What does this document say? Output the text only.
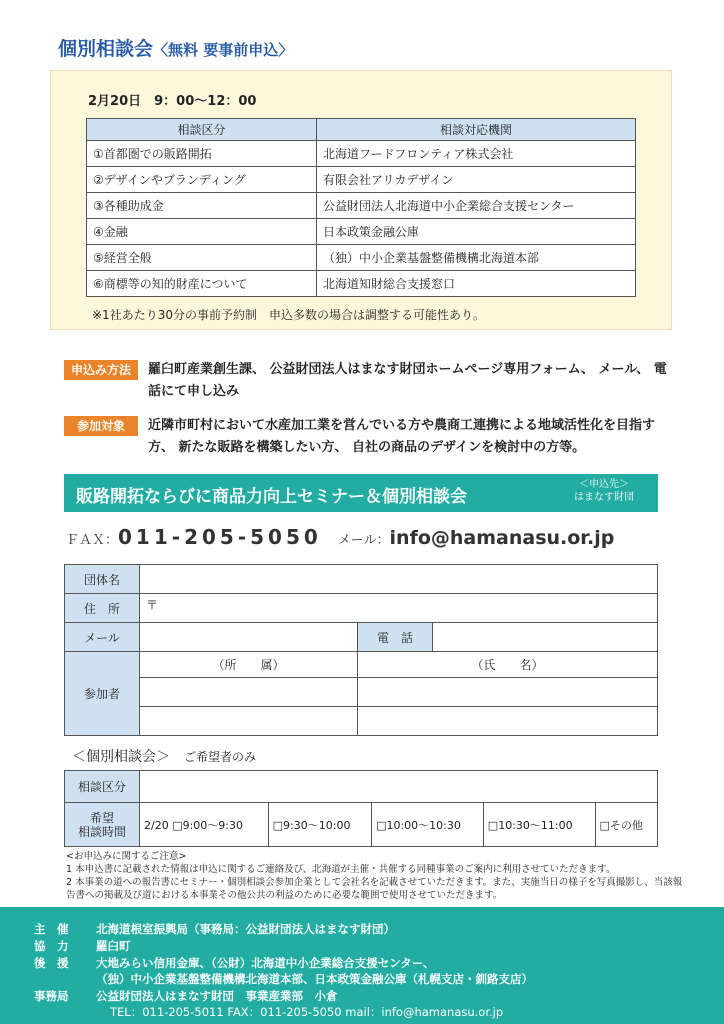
個別相談会〈無料 要事前申込〉
2月20日　9：00～12：00
相談区分	相談対応機関
①首都圏での販路開拓	北海道フードフロンティア株式会社
②デザインやブランディング	有限会社アリカデザイン
③各種助成金	公益財団法人北海道中小企業総合支援センター
④金融	日本政策金融公庫
⑤経営全般	（独）中小企業基盤整備機構北海道本部
⑥商標等の知的財産について	北海道知財総合支援窓口
※1社あたり30分の事前予約制　申込多数の場合は調整する可能性あり。
申込み方法	羅臼町産業創生課、 公益財団法人はまなす財団ホームページ専用フォーム、 メール、 電話にて申し込み
参加対象	近隣市町村において水産加工業を営んでいる方や農商工連携による地域活性化を目指す方、 新たな販路を構築したい方、 自社の商品のデザインを検討中の方等。
販路開拓ならびに商品力向上セミナー＆個別相談会
＜申込先＞
はまなす財団
ＦＡＸ：011-205-5050 メール：info@hamanasu.or.jp
団体名			
住　所	〒		
メール		電　話	
参加者	（所　　属）	（氏　　名）	

＜個別相談会＞ ご希望者のみ
相談区分					

希望
相談時間	2/20 □9:00～9:30	□9:30～10:00	□10:00～10:30	□10:30～11:00	□その他
<お申込みに関するご注意>
1 本申込書に記載された情報は申込に関するご連絡及び、北海道が主催・共催する同種事業のご案内に利用させていただきます。
2 本事業の道への報告書にセミナー・個別相談会参加企業として会社名を記載させていただきます。また、実施当日の様子を写真撮影し、当該報告書への掲載及び道における本事業その他公共の利益のために必要な範囲で使用させていただきます。
主　催 北海道根室振興局（事務局：公益財団法人はまなす財団）
協　力 羅臼町
後　援 大地みらい信用金庫、（公財）北海道中小企業総合支援センター、
（独）中小企業基盤整備機構北海道本部、日本政策金融公庫（札幌支店・釧路支店）
事務局 公益財団法人はまなす財団　事業産業部　小倉
TEL：011-205-5011 FAX：011-205-5050 mail：info@hamanasu.or.jp
